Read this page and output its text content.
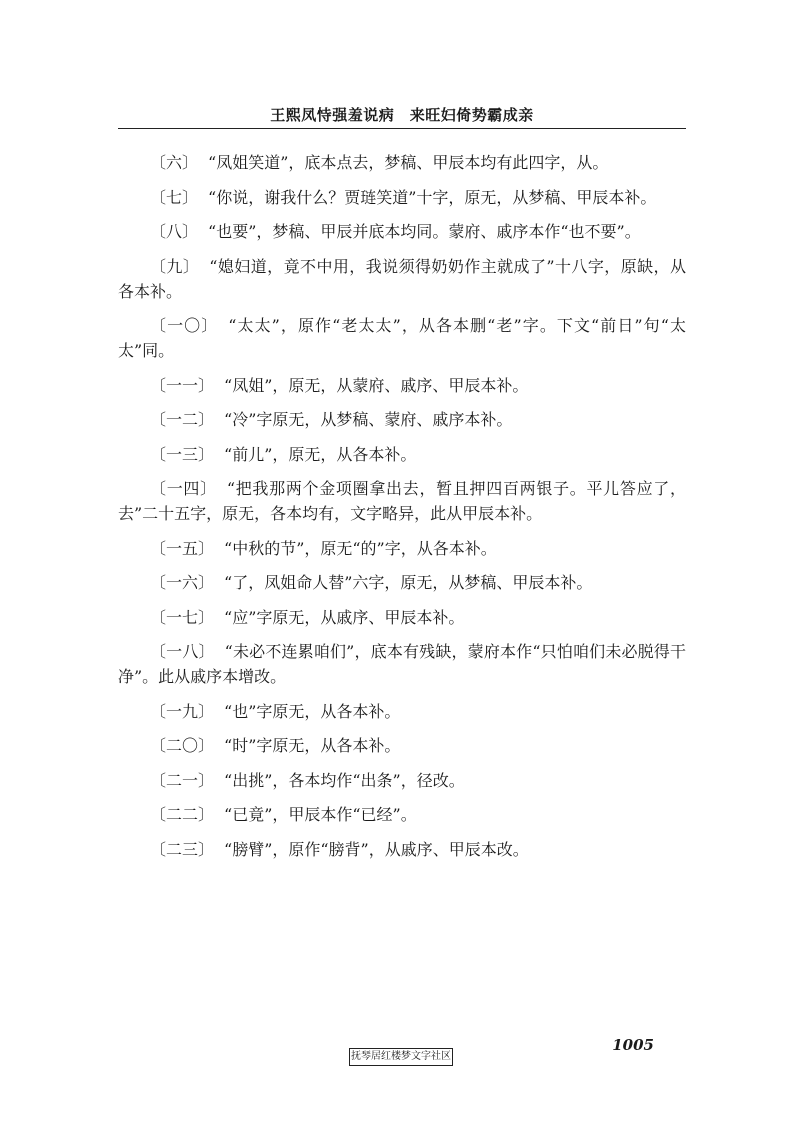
王熙凤恃强羞说病　来旺妇倚势霸成亲

〔六〕 “凤姐笑道”，底本点去，梦稿、甲辰本均有此四字，从。

〔七〕 “你说，谢我什么？贾琏笑道”十字，原无，从梦稿、甲辰本补。

〔八〕 “也要”，梦稿、甲辰并底本均同。蒙府、戚序本作“也不要”。

〔九〕 “媳妇道，竟不中用，我说须得奶奶作主就成了”十八字，原缺，从各本补。

〔一〇〕 “太太”，原作“老太太”，从各本删“老”字。下文“前日”句“太太”同。

〔一一〕 “凤姐”，原无，从蒙府、戚序、甲辰本补。

〔一二〕 “冷”字原无，从梦稿、蒙府、戚序本补。

〔一三〕 “前儿”，原无，从各本补。

〔一四〕 “把我那两个金项圈拿出去，暂且押四百两银子。平儿答应了，去”二十五字，原无，各本均有，文字略异，此从甲辰本补。

〔一五〕 “中秋的节”，原无“的”字，从各本补。

〔一六〕 “了，凤姐命人替”六字，原无，从梦稿、甲辰本补。

〔一七〕 “应”字原无，从戚序、甲辰本补。

〔一八〕 “未必不连累咱们”，底本有残缺，蒙府本作“只怕咱们未必脱得干净”。此从戚序本增改。

〔一九〕 “也”字原无，从各本补。

〔二〇〕 “时”字原无，从各本补。

〔二一〕 “出挑”，各本均作“出条”，径改。

〔二二〕 “已竟”，甲辰本作“已经”。

〔二三〕 “膀臂”，原作“膀背”，从戚序、甲辰本改。

1005
抚琴居红楼梦文字社区
